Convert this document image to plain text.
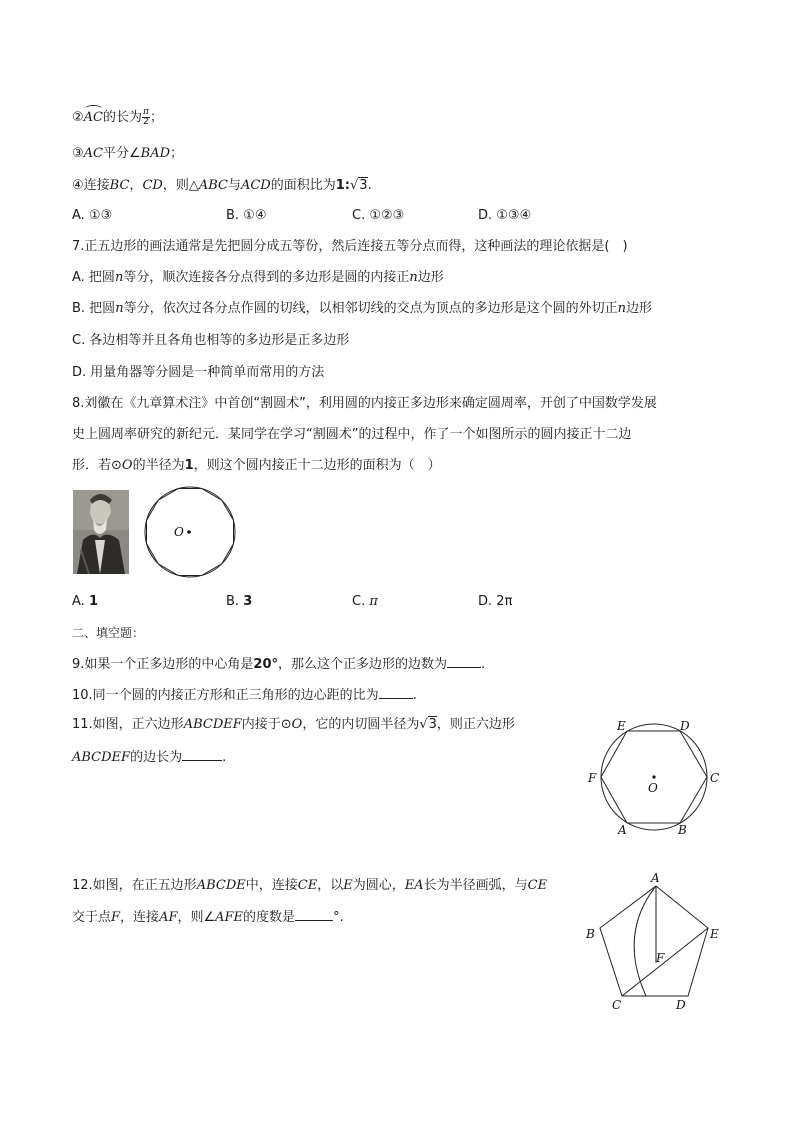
②AC的长为 $\frac{\pi}{2}$ ；
③AC平分∠BAD；
④连接BC，CD，则△ABC与ACD的面积比为1:√3.
A. ①③	B. ①④	C. ①②③	D. ①③④
7.正五边形的画法通常是先把圆分成五等份，然后连接五等分点而得，这种画法的理论依据是(　)
A. 把圆n等分，顺次连接各分点得到的多边形是圆的内接正n边形
B. 把圆n等分，依次过各分点作圆的切线，以相邻切线的交点为顶点的多边形是这个圆的外切正n边形
C. 各边相等并且各角也相等的多边形是正多边形
D. 用量角器等分圆是一种简单而常用的方法
8.刘徽在《九章算术注》中首创“割圆术”，利用圆的内接正多边形来确定圆周率，开创了中国数学发展
史上圆周率研究的新纪元．某同学在学习“割圆术”的过程中，作了一个如图所示的圆内接正十二边
形．若⊙O的半径为1，则这个圆内接正十二边形的面积为（　）
O
A. 1	B. 3	C. π	D. 2π
二、填空题：
9.如果一个正多边形的中心角是20°，那么这个正多边形的边数为	.
10.同一个圆的内接正方形和正三角形的边心距的比为	.
11.如图，正六边形ABCDEF内接于⊙O，它的内切圆半径为√3，则正六边形
ABCDEF的边长为	.
O
A	B
C
D
E
F
12.如图，在正五边形ABCDE中，连接CE，以E为圆心，EA长为半径画弧，与CE
交于点F，连接AF，则∠AFE的度数是	°.
A
B
C	D
E
F
